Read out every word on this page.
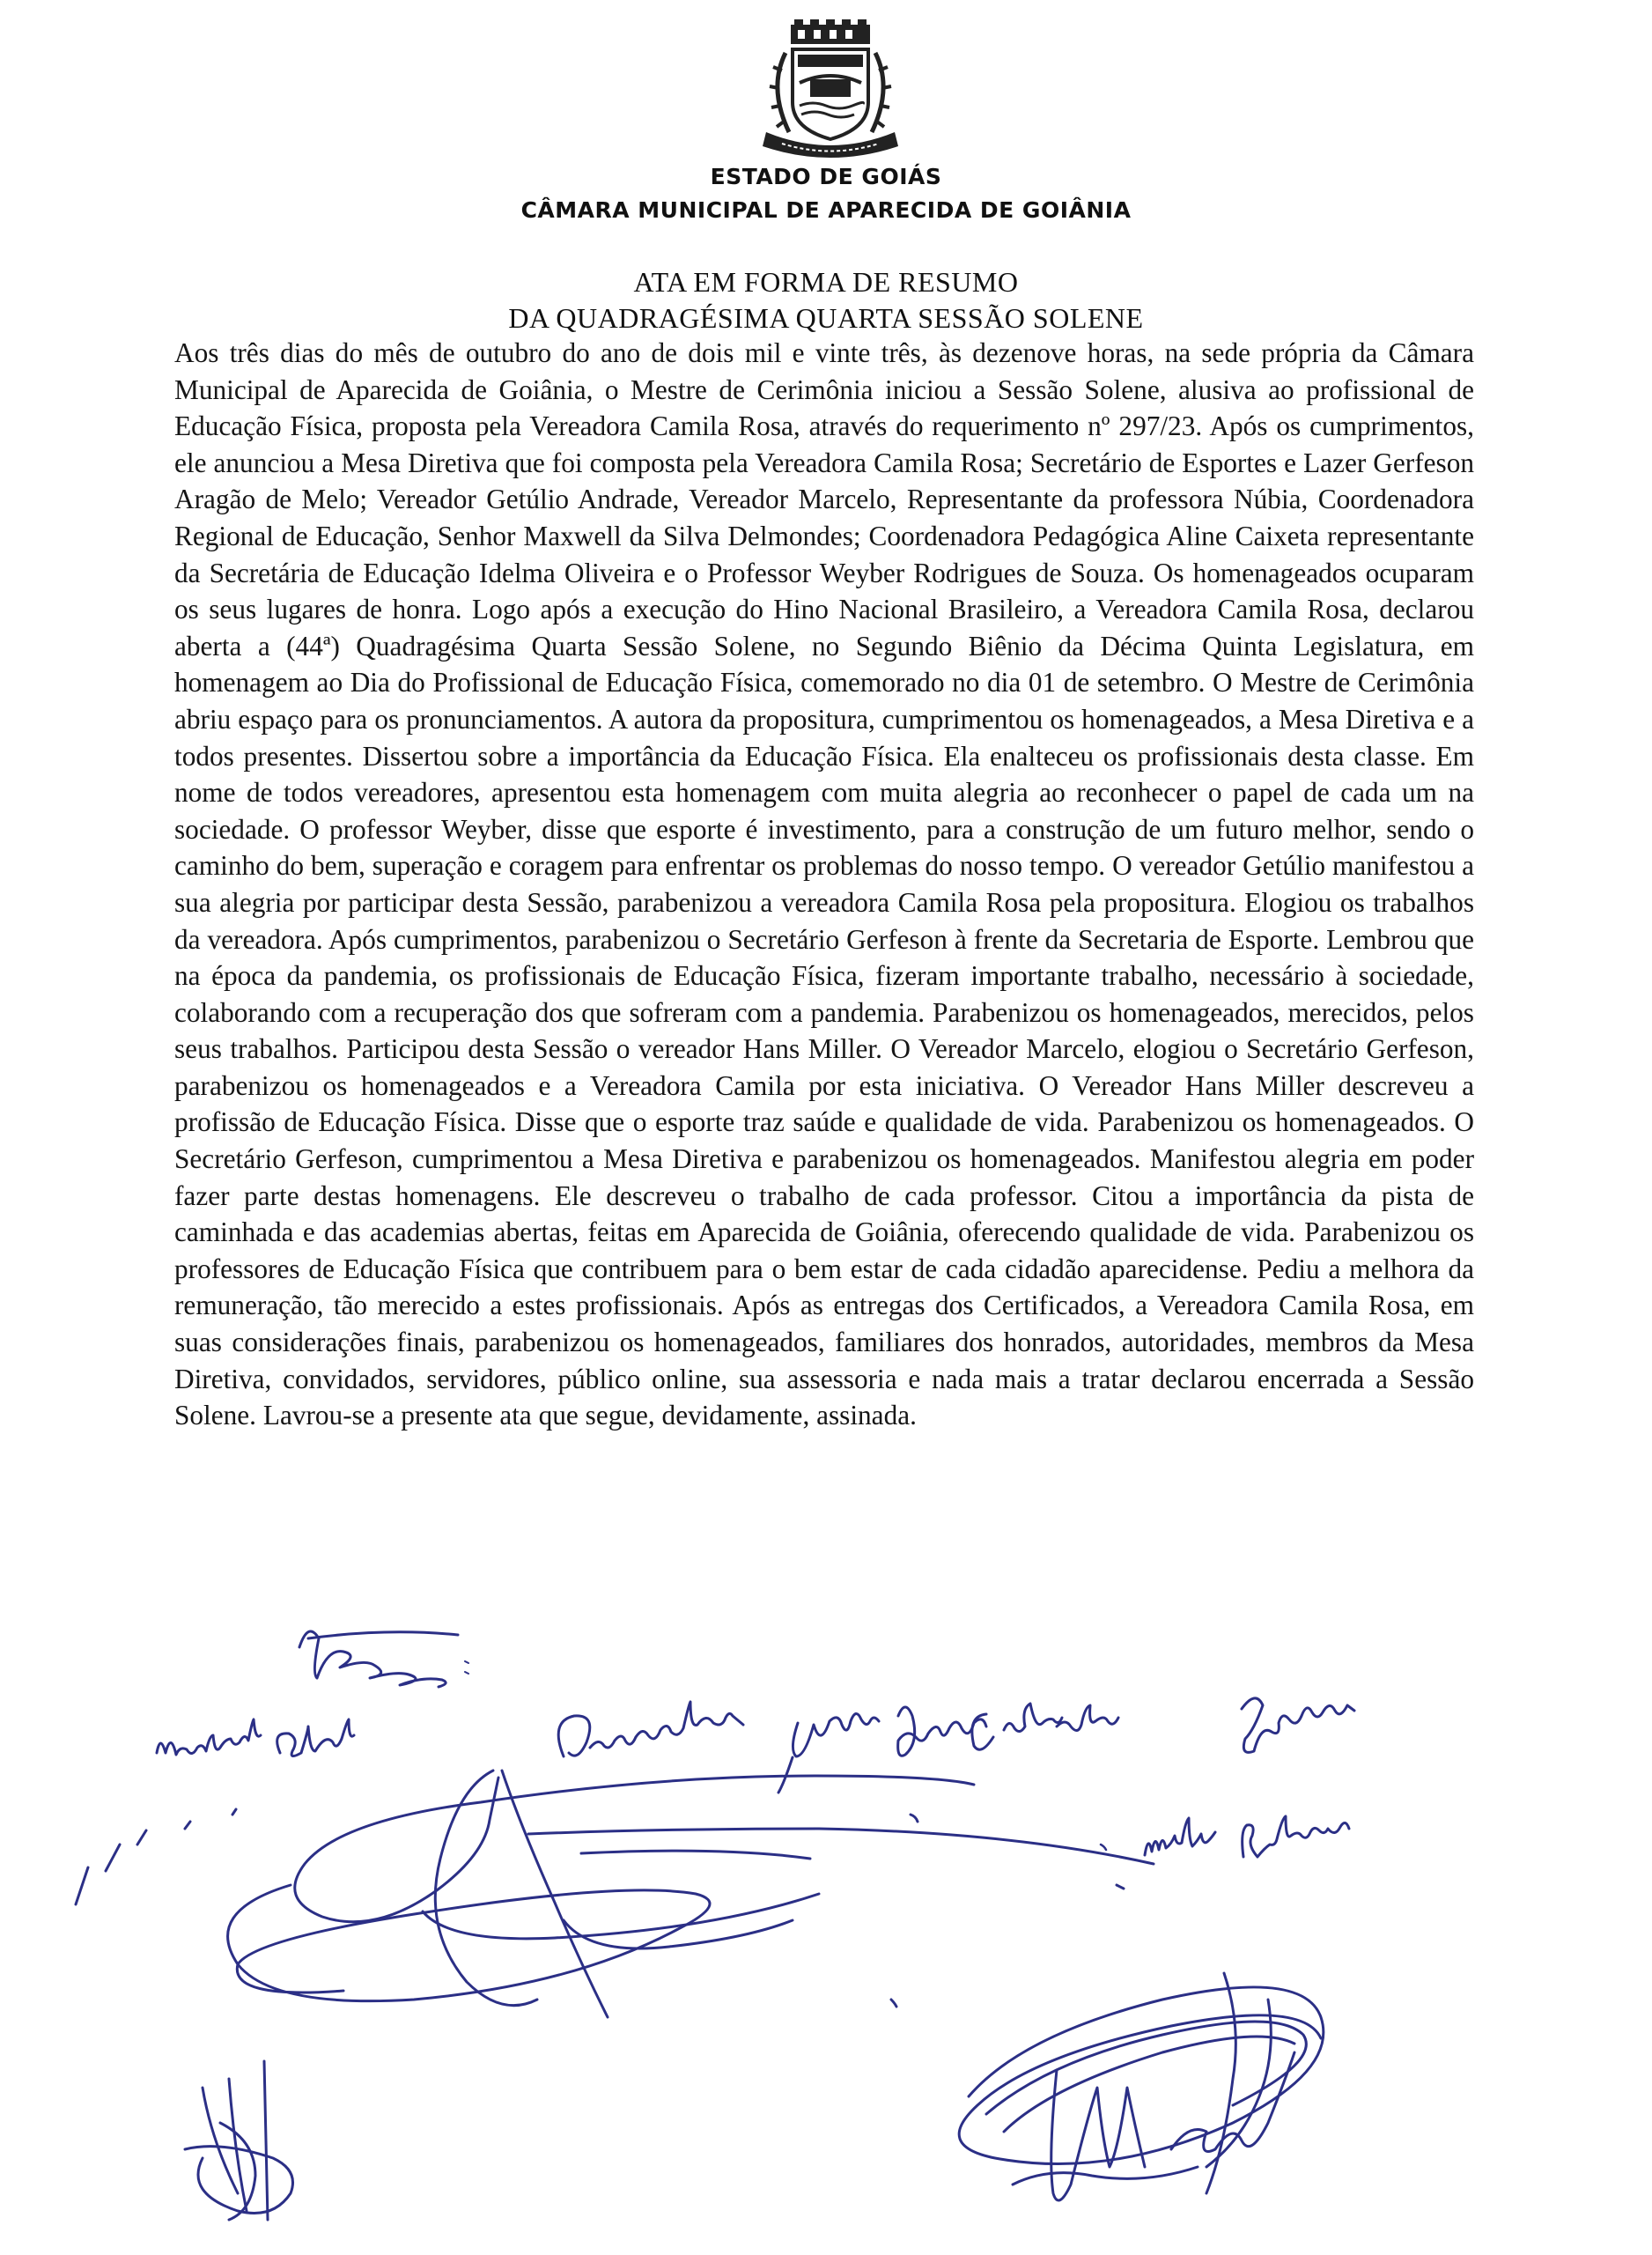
ESTADO DE GOIÁS
CÂMARA MUNICIPAL DE APARECIDA DE GOIÂNIA
ATA EM FORMA DE RESUMO
DA QUADRAGÉSIMA QUARTA SESSÃO SOLENE

Aos três dias do mês de outubro do ano de dois mil e vinte três, às dezenove horas, na sede própria da Câmara Municipal de Aparecida de Goiânia, o Mestre de Cerimônia iniciou a Sessão Solene, alusiva ao profissional de Educação Física, proposta pela Vereadora Camila Rosa, através do requerimento nº 297/23. Após os cumprimentos, ele anunciou a Mesa Diretiva que foi composta pela Vereadora Camila Rosa; Secretário de Esportes e Lazer Gerfeson Aragão de Melo; Vereador Getúlio Andrade, Vereador Marcelo, Representante da professora Núbia, Coordenadora Regional de Educação, Senhor Maxwell da Silva Delmondes; Coordenadora Pedagógica Aline Caixeta representante da Secretária de Educação Idelma Oliveira e o Professor Weyber Rodrigues de Souza. Os homenageados ocuparam os seus lugares de honra. Logo após a execução do Hino Nacional Brasileiro, a Vereadora Camila Rosa, declarou aberta a (44ª) Quadragésima Quarta Sessão Solene, no Segundo Biênio da Décima Quinta Legislatura, em homenagem ao Dia do Profissional de Educação Física, comemorado no dia 01 de setembro. O Mestre de Cerimônia abriu espaço para os pronunciamentos. A autora da propositura, cumprimentou os homenageados, a Mesa Diretiva e a todos presentes. Dissertou sobre a importância da Educação Física. Ela enalteceu os profissionais desta classe. Em nome de todos vereadores, apresentou esta homenagem com muita alegria ao reconhecer o papel de cada um na sociedade. O professor Weyber, disse que esporte é investimento, para a construção de um futuro melhor, sendo o caminho do bem, superação e coragem para enfrentar os problemas do nosso tempo. O vereador Getúlio manifestou a sua alegria por participar desta Sessão, parabenizou a vereadora Camila Rosa pela propositura. Elogiou os trabalhos da vereadora. Após cumprimentos, parabenizou o Secretário Gerfeson à frente da Secretaria de Esporte. Lembrou que na época da pandemia, os profissionais de Educação Física, fizeram importante trabalho, necessário à sociedade, colaborando com a recuperação dos que sofreram com a pandemia. Parabenizou os homenageados, merecidos, pelos seus trabalhos. Participou desta Sessão o vereador Hans Miller. O Vereador Marcelo, elogiou o Secretário Gerfeson, parabenizou os homenageados e a Vereadora Camila por esta iniciativa. O Vereador Hans Miller descreveu a profissão de Educação Física. Disse que o esporte traz saúde e qualidade de vida. Parabenizou os homenageados. O Secretário Gerfeson, cumprimentou a Mesa Diretiva e parabenizou os homenageados. Manifestou alegria em poder fazer parte destas homenagens. Ele descreveu o trabalho de cada professor. Citou a importância da pista de caminhada e das academias abertas, feitas em Aparecida de Goiânia, oferecendo qualidade de vida. Parabenizou os professores de Educação Física que contribuem para o bem estar de cada cidadão aparecidense. Pediu a melhora da remuneração, tão merecido a estes profissionais. Após as entregas dos Certificados, a Vereadora Camila Rosa, em suas considerações finais, parabenizou os homenageados, familiares dos honrados, autoridades, membros da Mesa Diretiva, convidados, servidores, público online, sua assessoria e nada mais a tratar declarou encerrada a Sessão Solene. Lavrou-se a presente ata que segue, devidamente, assinada.
